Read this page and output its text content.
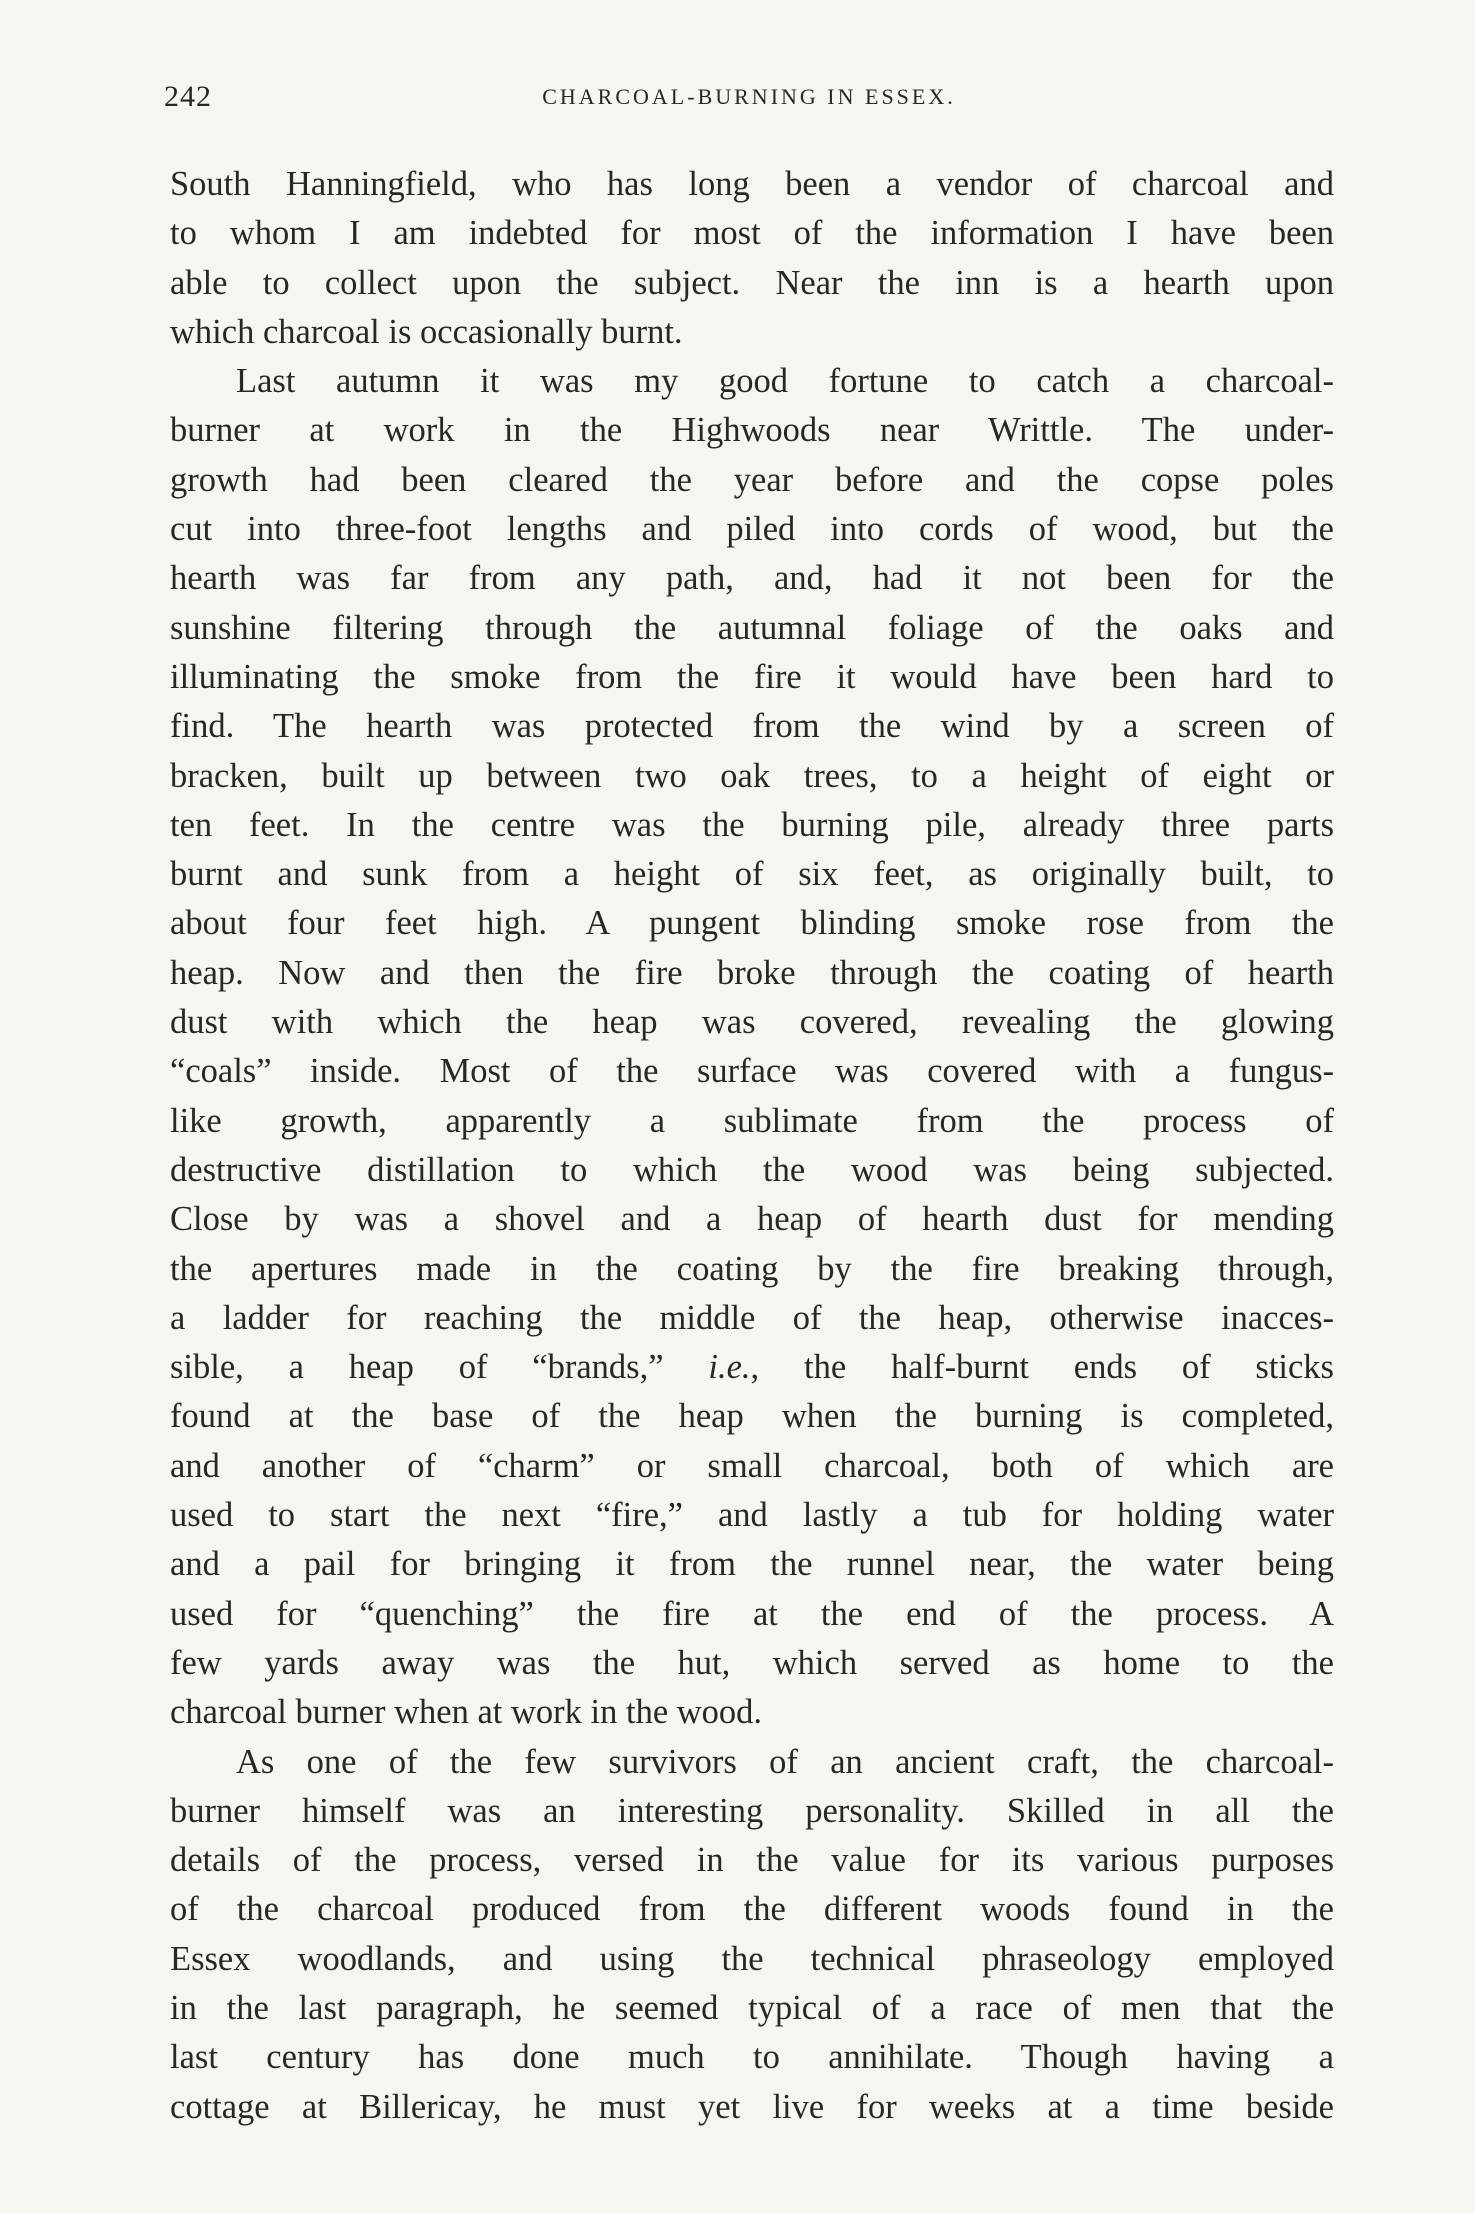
242	CHARCOAL-BURNING IN ESSEX.
South Hanningfield, who has long been a vendor of charcoal and
to whom I am indebted for most of the information I have been
able to collect upon the subject. Near the inn is a hearth upon
which charcoal is occasionally burnt.
Last autumn it was my good fortune to catch a charcoal-
burner at work in the Highwoods near Writtle. The under-
growth had been cleared the year before and the copse poles
cut into three-foot lengths and piled into cords of wood, but the
hearth was far from any path, and, had it not been for the
sunshine filtering through the autumnal foliage of the oaks and
illuminating the smoke from the fire it would have been hard to
find. The hearth was protected from the wind by a screen of
bracken, built up between two oak trees, to a height of eight or
ten feet. In the centre was the burning pile, already three parts
burnt and sunk from a height of six feet, as originally built, to
about four feet high. A pungent blinding smoke rose from the
heap. Now and then the fire broke through the coating of hearth
dust with which the heap was covered, revealing the glowing
“coals” inside. Most of the surface was covered with a fungus-
like growth, apparently a sublimate from the process of
destructive distillation to which the wood was being subjected.
Close by was a shovel and a heap of hearth dust for mending
the apertures made in the coating by the fire breaking through,
a ladder for reaching the middle of the heap, otherwise inacces-
sible, a heap of “brands,” i.e., the half-burnt ends of sticks
found at the base of the heap when the burning is completed,
and another of “charm” or small charcoal, both of which are
used to start the next “fire,” and lastly a tub for holding water
and a pail for bringing it from the runnel near, the water being
used for “quenching” the fire at the end of the process. A
few yards away was the hut, which served as home to the
charcoal burner when at work in the wood.
As one of the few survivors of an ancient craft, the charcoal-
burner himself was an interesting personality. Skilled in all the
details of the process, versed in the value for its various purposes
of the charcoal produced from the different woods found in the
Essex woodlands, and using the technical phraseology employed
in the last paragraph, he seemed typical of a race of men that the
last century has done much to annihilate. Though having a
cottage at Billericay, he must yet live for weeks at a time beside
